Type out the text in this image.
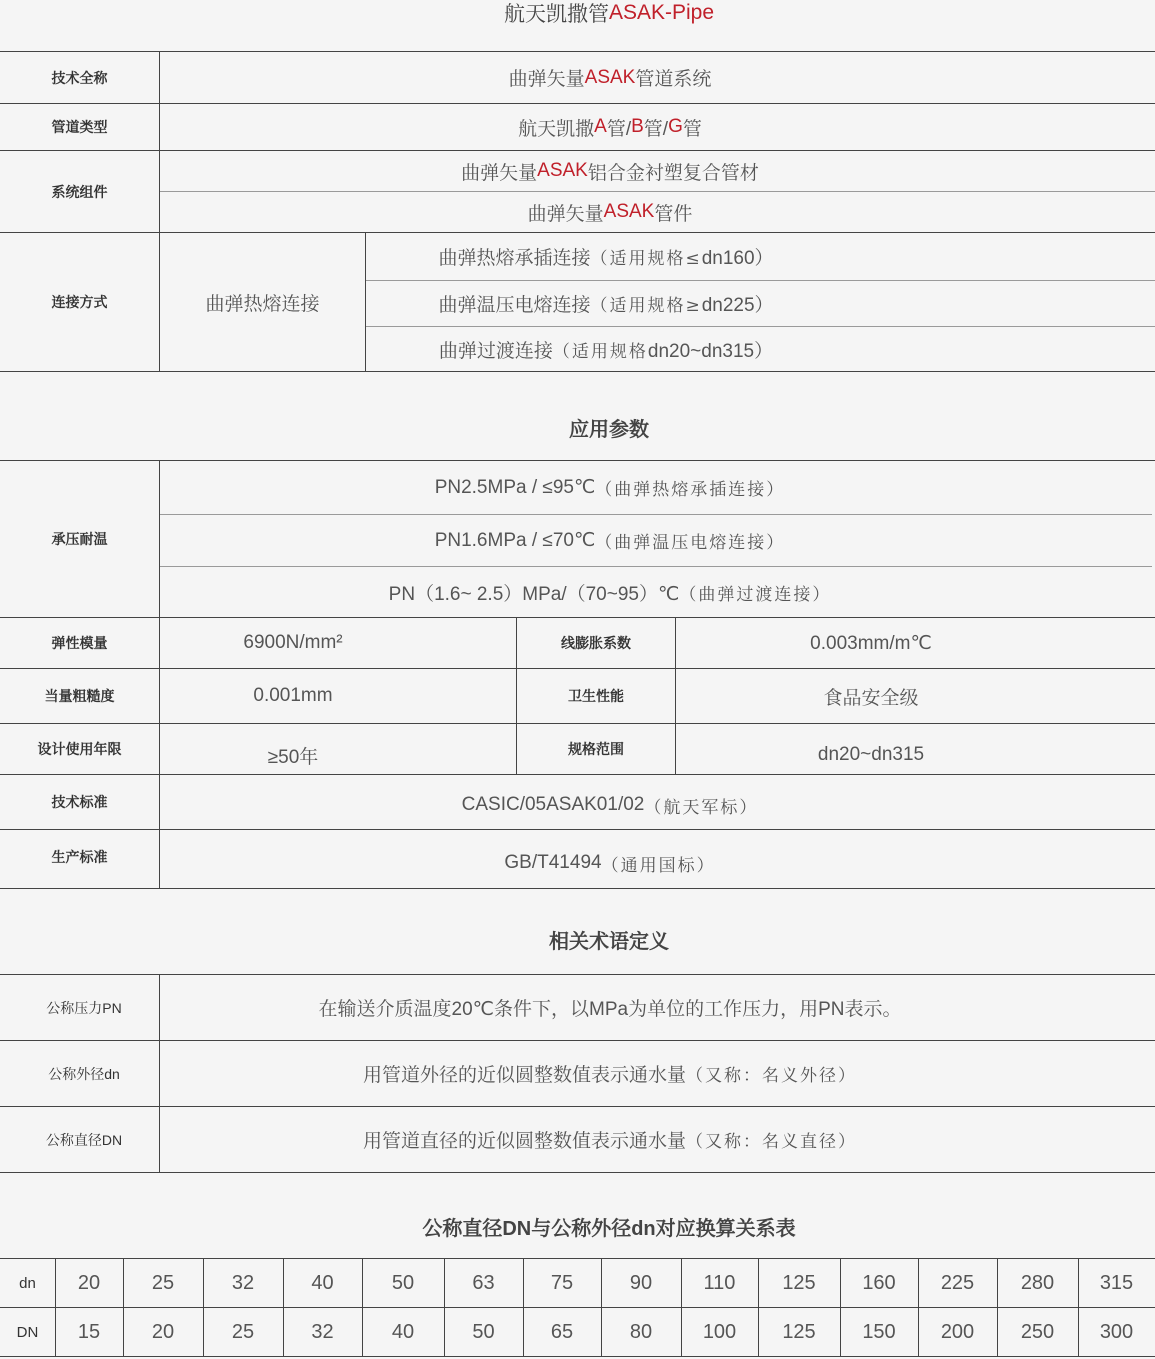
航天凯撒管 ASAK-Pipe
技术全称	曲弹矢量 ASAK 管道系统
管道类型	航天凯撒 A 管/ B 管/ G 管
系统组件
曲弹矢量 ASAK 铝合金衬塑复合管材
曲弹矢量 ASAK 管件
连接方式	曲弹热熔连接
曲弹热熔承插连接 （适用规格≤ dn160）
曲弹温压电熔连接 （适用规格≥ dn225）
曲弹过渡连接 （适用规格 dn20~dn315）
应用参数
承压耐温
PN2.5MPa / ≤95℃ （曲弹热熔承插连接）
PN1.6MPa / ≤70℃ （曲弹温压电熔连接）
PN（1.6~ 2.5）MPa/（70~95）℃ （曲弹过渡连接）
弹性模量	6900N/mm²	线膨胀系数	0.003mm/m℃
当量粗糙度	0.001mm	卫生性能	食品安全级
设计使用年限	≥50年	规格范围	dn20~dn315
技术标准	CASIC/05ASAK01/02 （航天军标）
生产标准	GB/T41494 （通用国标）
相关术语定义
公称压力PN	在输送介质温度20℃条件下，以MPa为单位的工作压力，用PN表示。
公称外径dn	用管道外径的近似圆整数值表示通水量 （又称：名义外径）
公称直径DN	用管道直径的近似圆整数值表示通水量 （又称：名义直径）
公称直径DN与公称外径dn对应换算关系表
dn	20	25	32	40	50	63	75	90	110	125	160	225	280	315
DN	15	20	25	32	40	50	65	80	100	125	150	200	250	300
